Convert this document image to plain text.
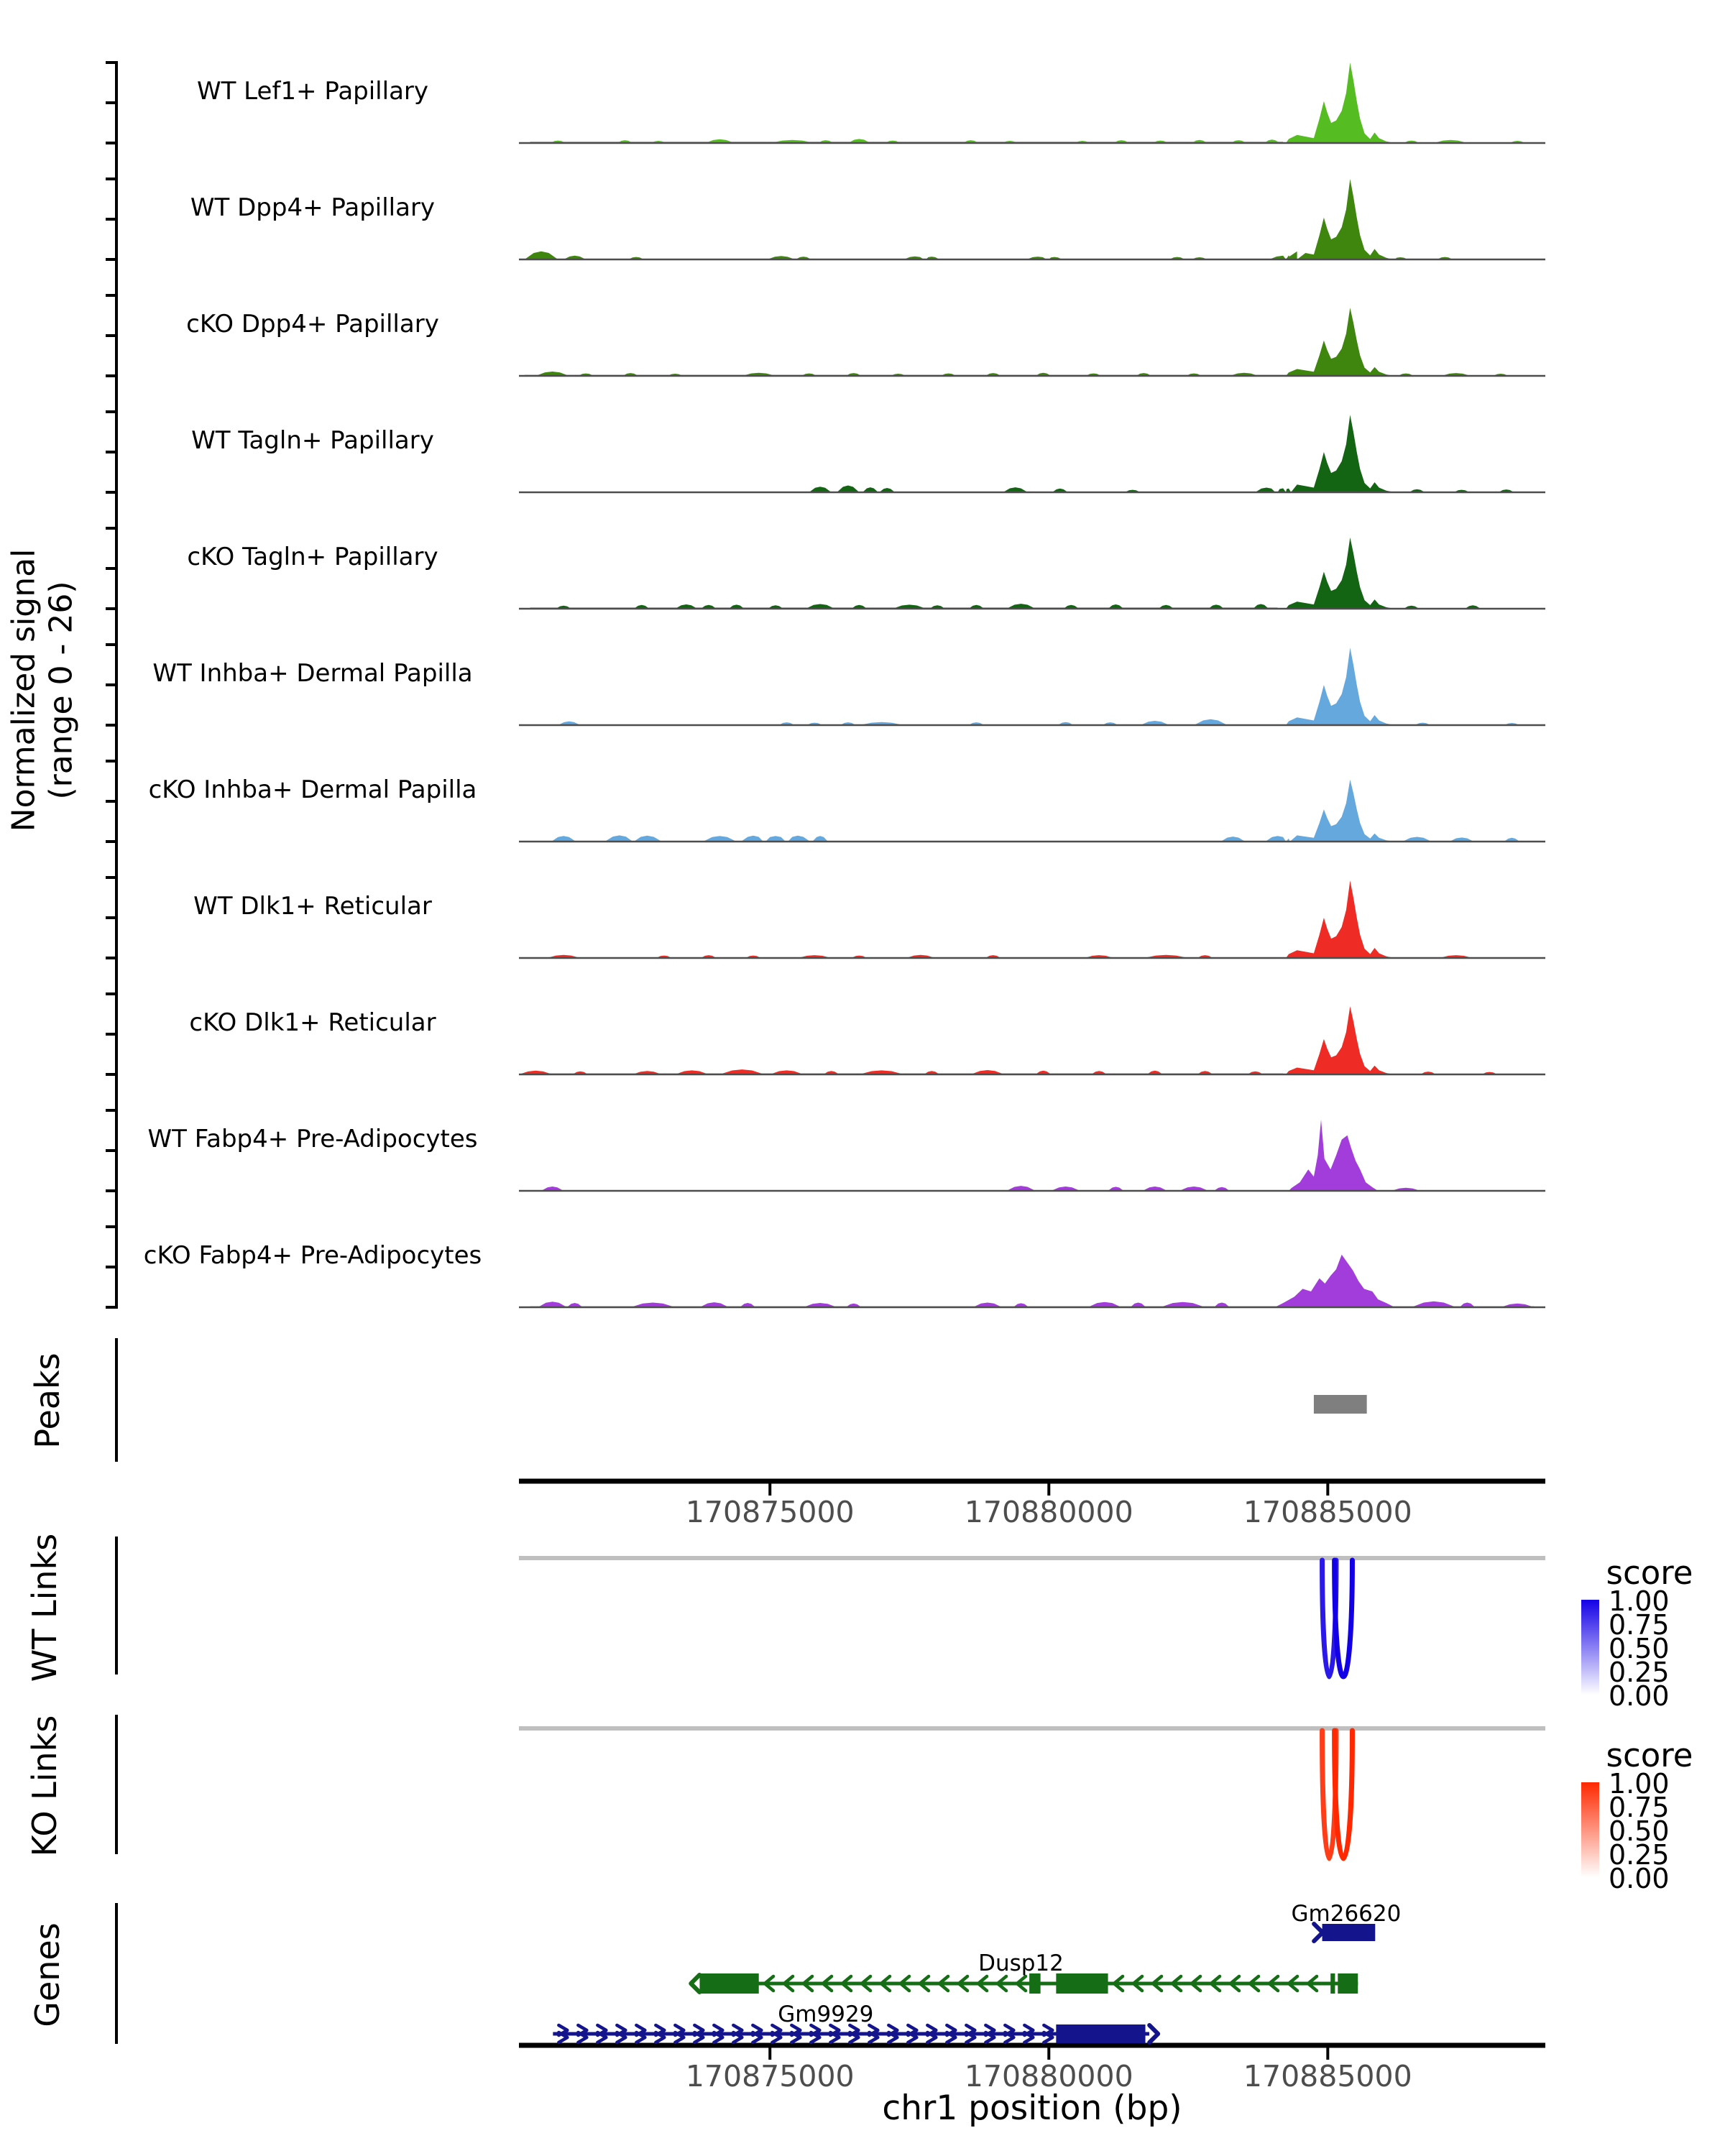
Normalized signal (range 0 - 26)
Peaks
WT Links
KO Links
Genes
WT Lef1+ Papillary
WT Dpp4+ Papillary
cKO Dpp4+ Papillary
WT Tagln+ Papillary
cKO Tagln+ Papillary
WT Inhba+ Dermal Papilla
cKO Inhba+ Dermal Papilla
WT Dlk1+ Reticular
cKO Dlk1+ Reticular
WT Fabp4+ Pre-Adipocytes
cKO Fabp4+ Pre-Adipocytes
170875000	170880000	170885000
170875000	170880000	170885000
Gm26620
Dusp12
Gm9929
score
1.00
0.75
0.50
0.25
0.00
score
1.00
0.75
0.50
0.25
0.00
chr1 position (bp)
